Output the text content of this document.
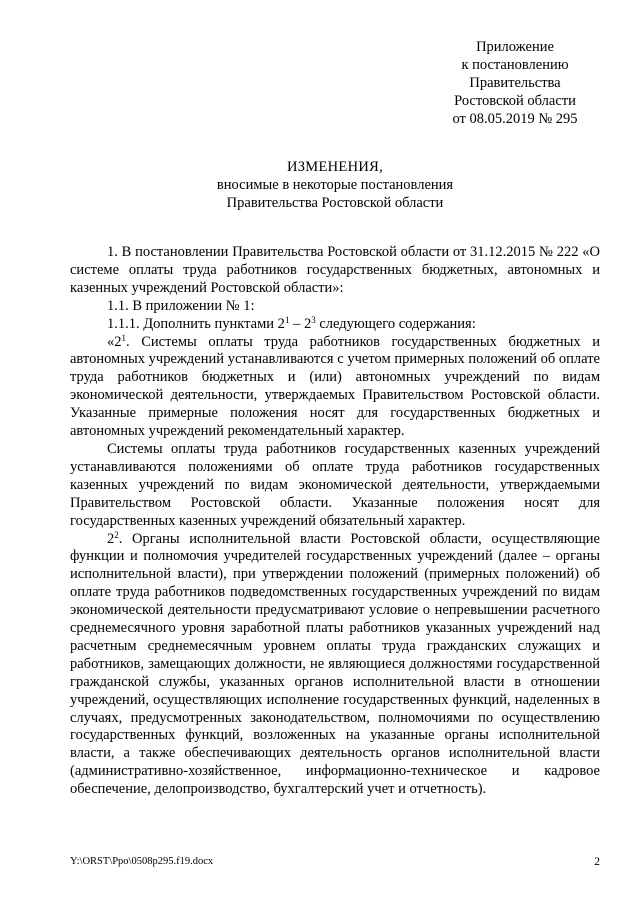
Приложение
к постановлению
Правительства
Ростовской области
от 08.05.2019 № 295
ИЗМЕНЕНИЯ,
вносимые в некоторые постановления
Правительства Ростовской области

1. В постановлении Правительства Ростовской области от 31.12.2015 № 222 «О системе оплаты труда работников государственных бюджетных, автономных и казенных учреждений Ростовской области»:

1.1. В приложении № 1:

1.1.1. Дополнить пунктами $2^1 - 2^3$ следующего содержания:

«$2^1$. Системы оплаты труда работников государственных бюджетных и автономных учреждений устанавливаются с учетом примерных положений об оплате труда работников бюджетных и (или) автономных учреждений по видам экономической деятельности, утверждаемых Правительством Ростовской области. Указанные примерные положения носят для государственных бюджетных и автономных учреждений рекомендательный характер.

Системы оплаты труда работников государственных казенных учреждений устанавливаются положениями об оплате труда работников государственных казенных учреждений по видам экономической деятельности, утверждаемыми Правительством Ростовской области. Указанные положения носят для государственных казенных учреждений обязательный характер.

$2^2$. Органы исполнительной власти Ростовской области, осуществляющие функции и полномочия учредителей государственных учреждений (далее – органы исполнительной власти), при утверждении положений (примерных положений) об оплате труда работников подведомственных государственных учреждений по видам экономической деятельности предусматривают условие о непревышении расчетного среднемесячного уровня заработной платы работников указанных учреждений над расчетным среднемесячным уровнем оплаты труда гражданских служащих и работников, замещающих должности, не являющиеся должностями государственной гражданской службы, указанных органов исполнительной власти в отношении учреждений, осуществляющих исполнение государственных функций, наделенных в случаях, предусмотренных законодательством, полномочиями по осуществлению государственных функций, возложенных на указанные органы исполнительной власти, а также обеспечивающих деятельность органов исполнительной власти (административно-хозяйственное, информационно-техническое и кадровое обеспечение, делопроизводство, бухгалтерский учет и отчетность).

Y:\ORST\Ppo\0508p295.f19.docx	2
